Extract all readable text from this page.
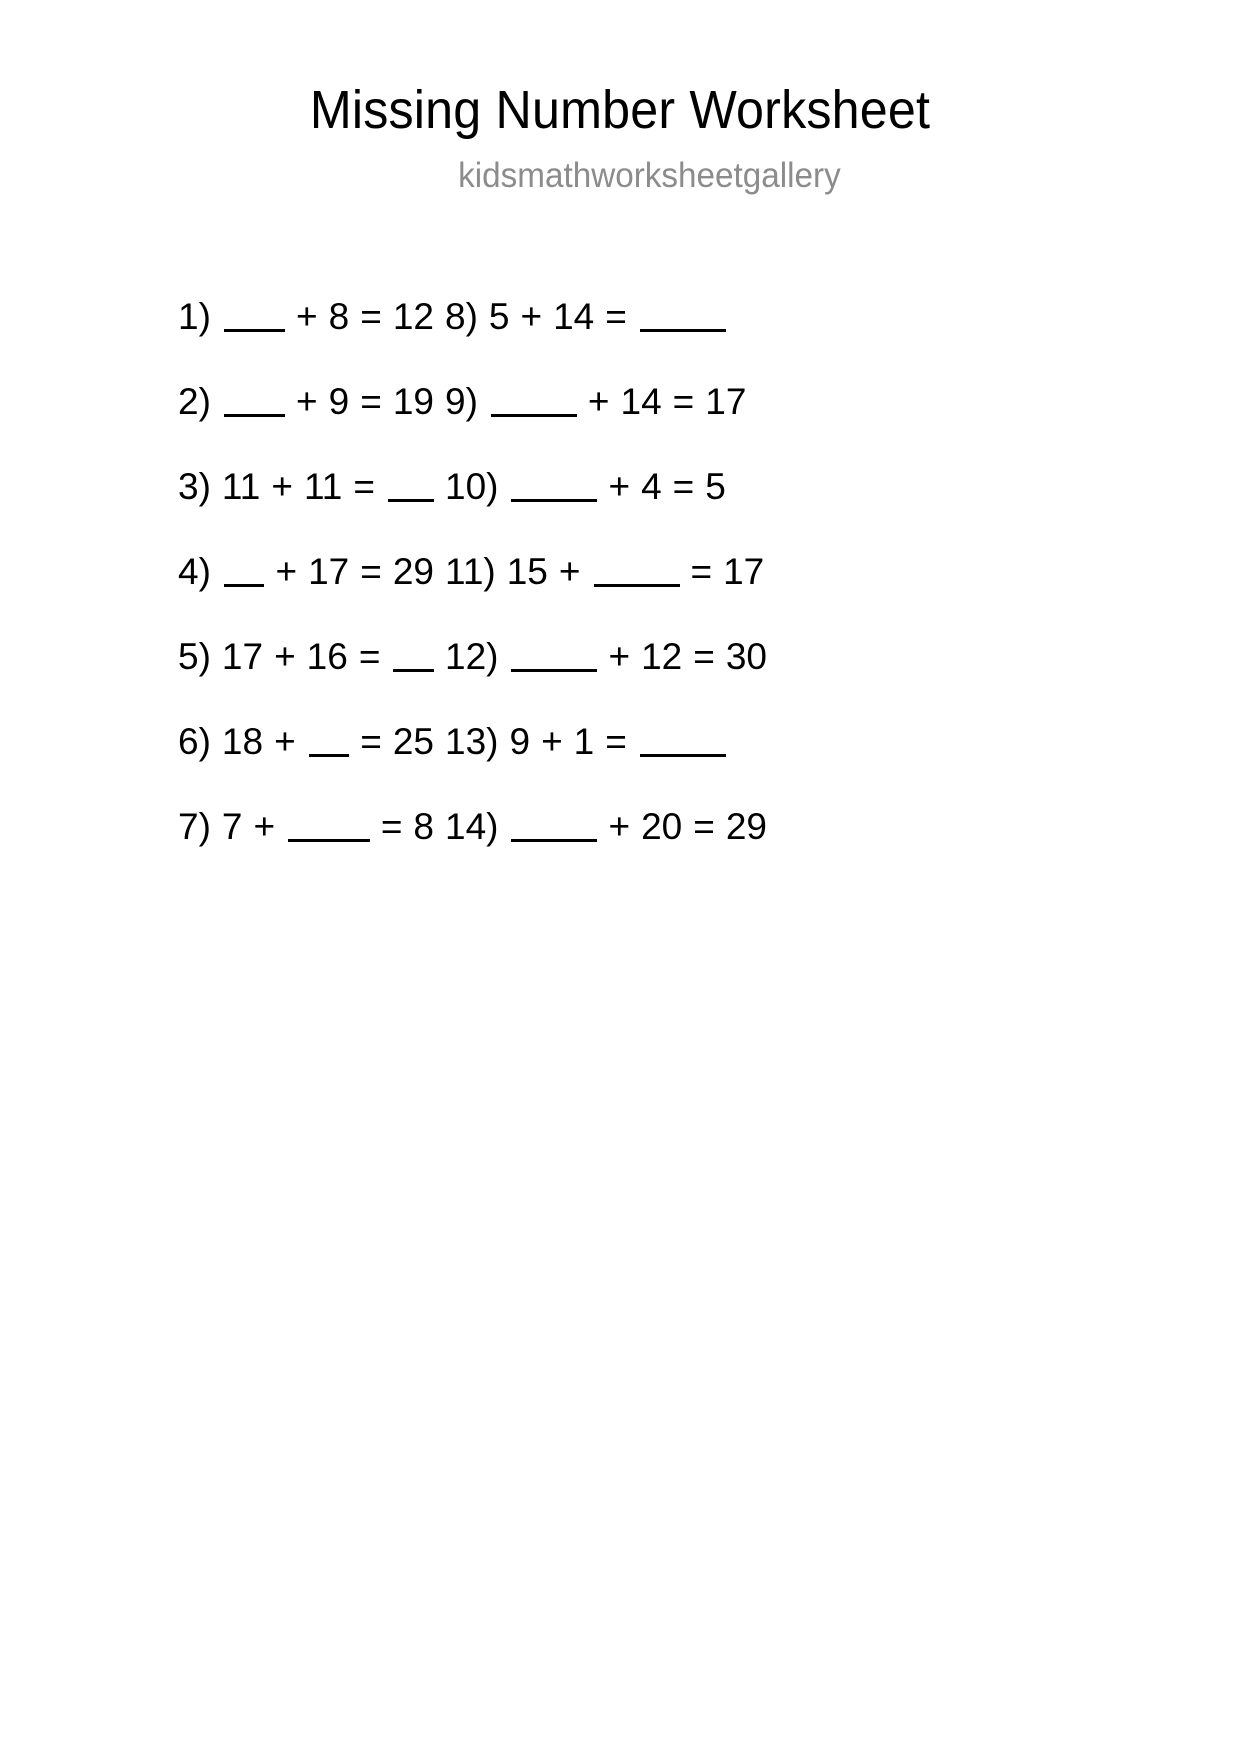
Missing Number Worksheet
kidsmathworksheetgallery
1) + 8 = 12
2) + 9 = 19
3) 11 + 11 =
4) + 17 = 29
5) 17 + 16 =
6) 18 + = 25
7) 7 +	= 8
8) 5 + 14 =
9)	+ 14 = 17
10)	+ 4 = 5
11) 15 +	= 17
12)	+ 12 = 30
13) 9 + 1 =
14)	+ 20 = 29
